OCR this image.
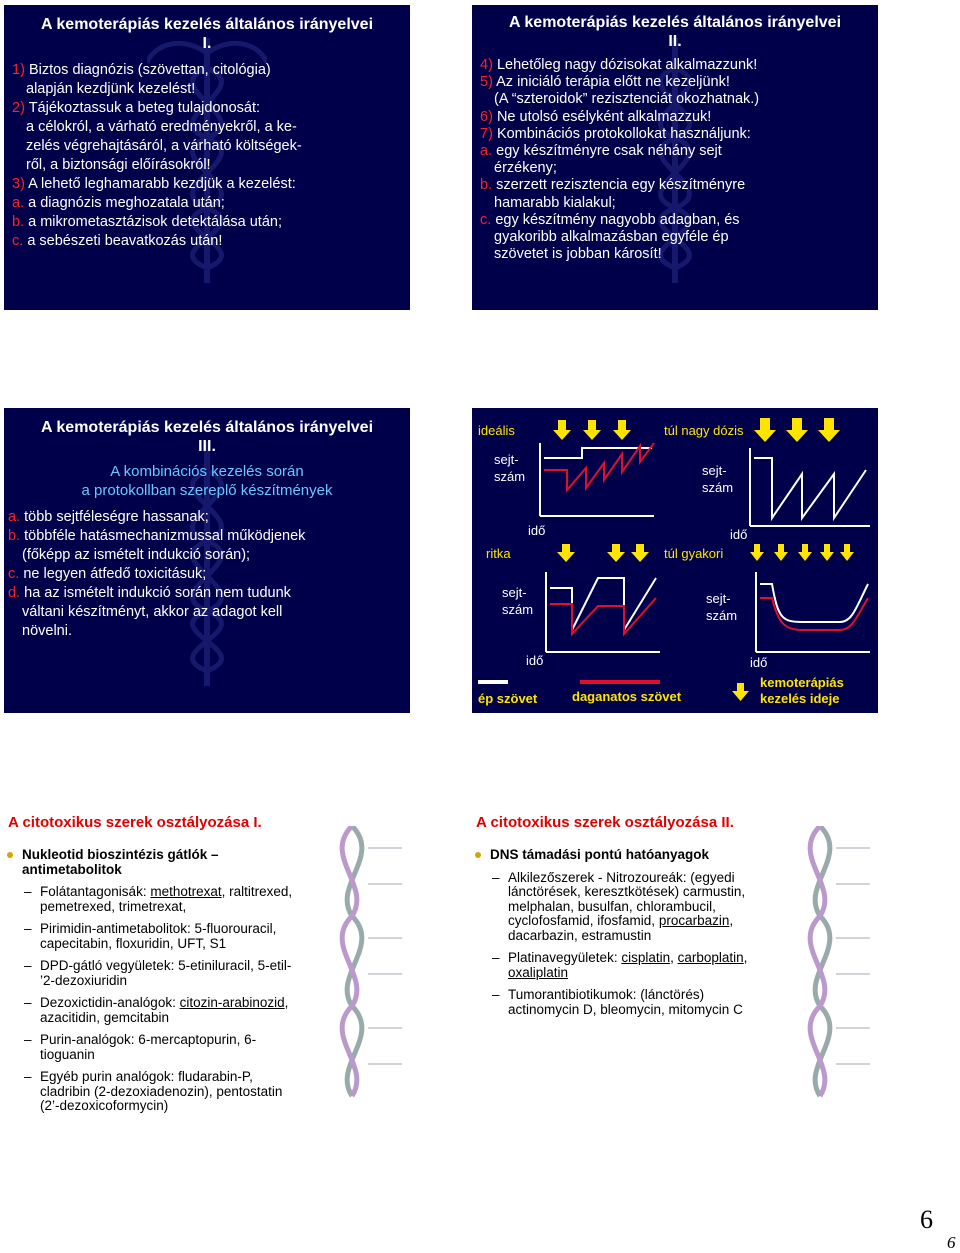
A kemoterápiás kezelés általános irányelvei
I.
1) Biztos diagnózis (szövettan, citológia)
alapján kezdjünk kezelést!
2) Tájékoztassuk a beteg tulajdonosát:
a célokról, a várható eredményekről, a ke-
zelés végrehajtásáról, a várható költségek-
ről, a biztonsági előírásokról!
3) A lehető leghamarabb kezdjük a kezelést:
a. a diagnózis meghozatala után;
b. a mikrometasztázisok detektálása után;
c. a sebészeti beavatkozás után!
A kemoterápiás kezelés általános irányelvei
II.
4) Lehetőleg nagy dózisokat alkalmazzunk!
5) Az iniciáló terápia előtt ne kezeljünk!
(A “szteroidok” rezisztenciát okozhatnak.)
6) Ne utolsó esélyként alkalmazzuk!
7) Kombinációs protokollokat használjunk:
a. egy készítményre csak néhány sejt
érzékeny;
b. szerzett rezisztencia egy készítményre
hamarabb kialakul;
c. egy készítmény nagyobb adagban, és
gyakoribb alkalmazásban egyféle ép
szövetet is jobban károsít!
A kemoterápiás kezelés általános irányelvei
III.
A kombinációs kezelés során
a protokollban szereplő készítmények
a. több sejtféleségre hassanak;
b. többféle hatásmechanizmussal működjenek
(főképp az ismételt indukció során);
c. ne legyen átfedő toxicitásuk;
d. ha az ismételt indukció során nem tudunk
váltani készítményt, akkor az adagot kell
növelni.
ideális	túl nagy dózis
ritka	túl gyakori
sejt-
szám	sejt-
szám
sejt-
szám
sejt-
szám
idő	idő
idő	idő
ép szövet	daganatos szövet
kemoterápiás
kezelés ideje
A citotoxikus szerek osztályozása I.
Nukleotid bioszintézis gátlók –
antimetabolitok
– Folátantagonisák: methotrexat, raltitrexed,
pemetrexed, trimetrexat,
– Pirimidin-antimetabolitok: 5-fluorouracil,
capecitabin, floxuridin, UFT, S1
– DPD-gátló vegyületek: 5-etiniluracil, 5-etil-
’2-dezoxiuridin
– Dezoxictidin-analógok: citozin-arabinozid,
azacitidin, gemcitabin
– Purin-analógok: 6-mercaptopurin, 6-
tioguanin
– Egyéb purin analógok: fludarabin-P,
cladribin (2-dezoxiadenozin), pentostatin
(2’-dezoxicoformycin)
A citotoxikus szerek osztályozása II.
DNS támadási pontú hatóanyagok
– Alkilezőszerek - Nitrozoureák: (egyedi
lánctörések, keresztkötések) carmustin,
melphalan, busulfan, chlorambucil,
cyclofosfamid, ifosfamid, procarbazin,
dacarbazin, estramustin
– Platinavegyületek: cisplatin, carboplatin,
oxaliplatin
– Tumorantibiotikumok: (lánctörés)
actinomycin D, bleomycin, mitomycin C
6
6
